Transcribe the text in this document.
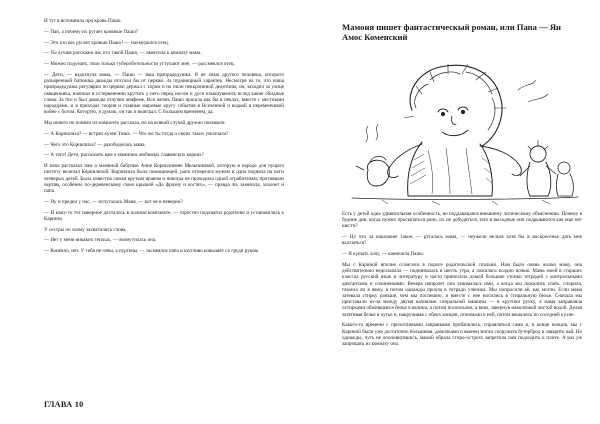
И тут я вспомнила про кровь Пашо.

— Пап, а почему их ругает кровные Пашо?

— Это кто вас ругает кровью Пашо? — нахмурился отец.

— Ты лучше расскажи им, кто такой Пашо, — заметила к комнату мама.

— Можно подумать, твои только тубероботельности уступают мне, — рассмеялся отец.

— Дети, — вздохнула мама, — Пашо — ваш прапрадедушка. Я не знаю другого человека, которого разъяренный батюшка дважды отлучал бы от церкви. За чудовищный характер. Несмотря на то, что наша прапрадедушка регулярно по церкви держал с хором и на пили пеккрониной дедотины, он, заходил за улице священника, начинал в остервенении крутить у него перед носом и дуги изыкиувенить вслед какие обидные слова. За что и был дважды отлучен анафеме. Вся жизнь Пашо прошла как бы в пеклах, вместе с местными народцами, и в приходах теория и главные мировые кругу события в Вселенной и водкой в переменчивой войне с богом. Которую, я думаю, он так и выиграл. С большим временем, да.

Мы ничего не поняли из мамиоего рассказа, но на всякий случай дружно покивали.

— А Корнилиха? — встрял кузен Тиша. — Что же ты тогда о своих таких умолчала?

— Чего это Корнилиха? — разобиделась мама.

— А того! Дети, рассказать вам о мамином любимых славянских корнях?

И папа рассказал нам о маминой бабушке Анне Корнилиевне Мельниковой, которую в народе для пущего пистету величал Корнилихой. Корнилиха была помощницей, рано отперелся мужем и одна подняла на ноги четверых детей. Была известна своим крутым нравом и никогда не проходила одной ограбителям, противным чертям, особенно по-деревенскому свою крышей «До фразну и костях», — правда ли, замечала, хохочет и папа.

— Ну и предки у нас, — испугалась Маня, — вот не в неверии?

— И кому-то тот наверное досталось в полном комплекте, — горестно подхватил родителю и установились к Карнику.

У сестры по злому захватились слова.

— Нет у меня никаких теплых, — возмутилась она.

— Конечно, нет. У тебя не гены, а пургены, — засмеялся папа и шутливо ковыляет со груди рукою.

ГЛАВА 10
Мамоня пишет фантастическый роман, или Папа — Ян Амос Коменский

Есть у детей одна удивительная особенность, не поддающаяся внешнему логическому объяснению. Почему в будние дни, когда нужно просыпаться рано, их не добудиться, зато в выходные они подрываются как еще нет шести?

— Ну что за наказание такое, — ругалась мама, — неужели нельзя хотя бы в воскресенье дать мне выспаться?

— Я кушать хочу, — канючила Пашо.

Мы с Кариной вполне ссомсели в пороге родительской спальни. Нам было очень жалко маму, она действительно недосыпала — поднималась в шесть утра, а ложилась поздно ночью. Мама моей в старших классах русский язык и литературу и часто приносила домой большие стопки тетрадей с контрольными диктантами и сочинениями. Вечера напролет она занималась ими, а когда мы ложились спать, спорила, глазела ли я вяжу, я потом однажды прочла в тетради ученика. Мы попросили её, как могли. Если мама затевала стирку раньше, чем мы поспешно, и вместе с нее носились в стиральную белье. Сначала мы приставали из-за между двумя валиками спиральной машины — в крутили ручку, а мама заправляла остирками обжившиеся белье в валики, а потом поскользни, а вниз, завернув наволочкой чистой водой. Делая затягивая белье в чутье и, накручивая с обеих концов, отжимали к ней, потом вешались по соседней кухне.

Какого-то времени с прихотливыми заправками пробачились, справляться сами и, в конце концов, мы с Кариной были уже достаточно большими, домочками и вконец могли сооружать бутерброд и заварить чай. Но однажды, чуть не ополовнувшись, мамой обрала стиро-острого запретила нам подходить к плите. А раз уж запрещать из комнату она.
